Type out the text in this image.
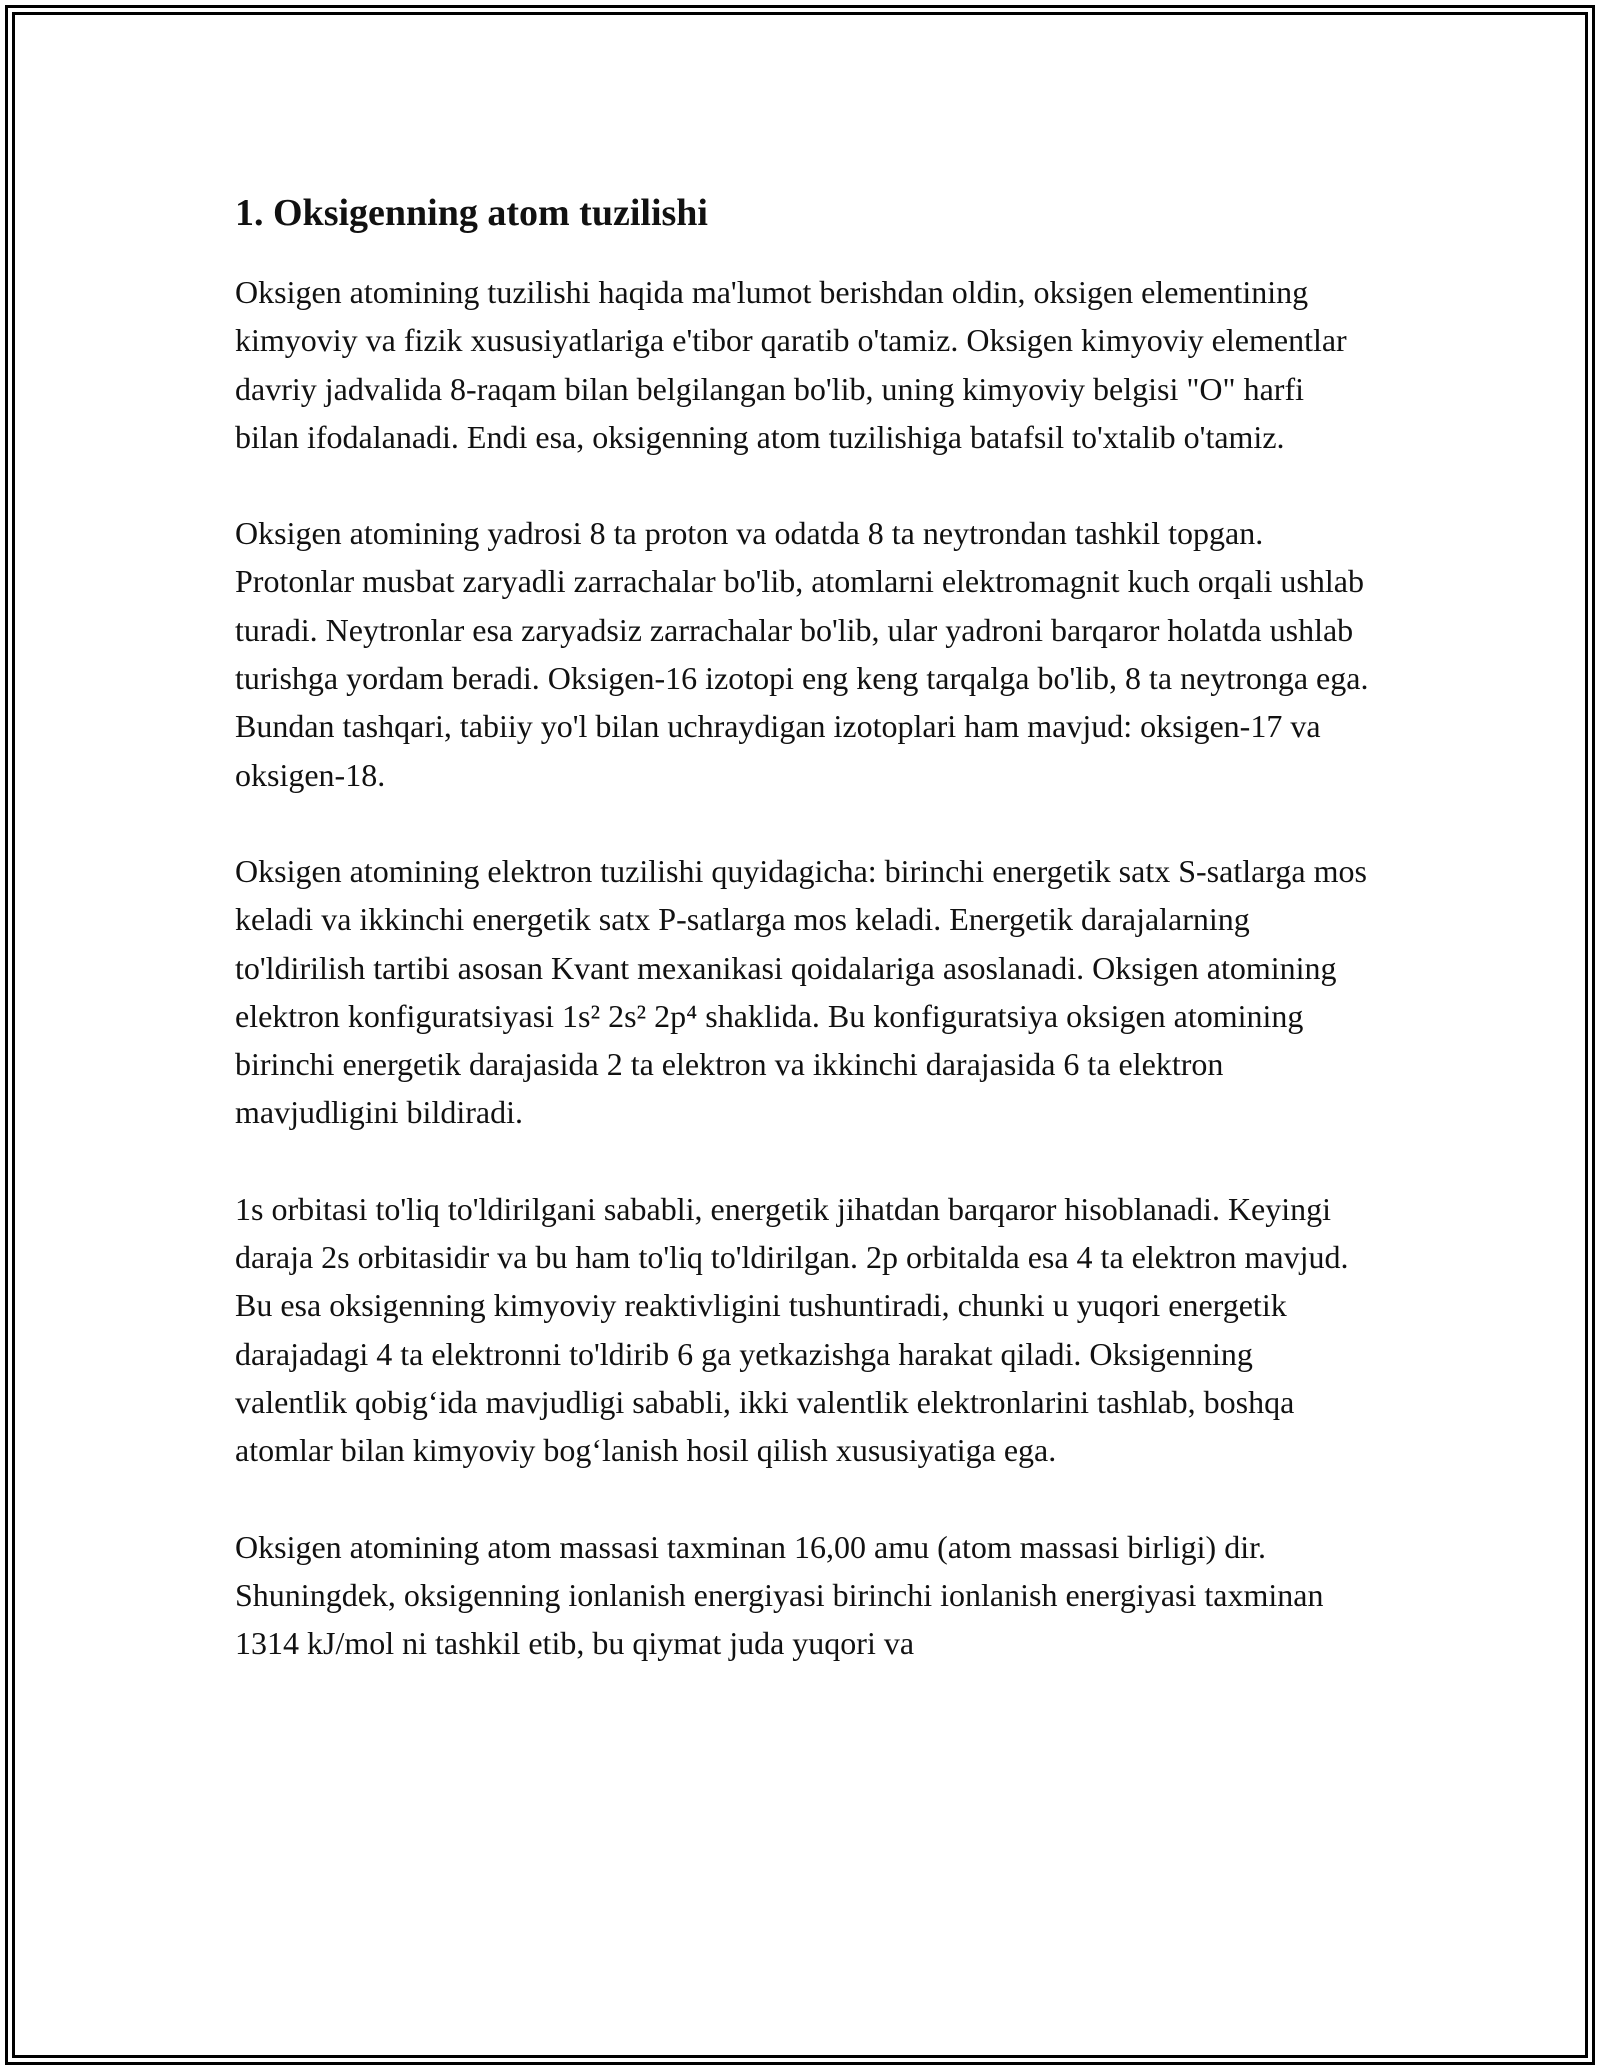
1. Oksigenning atom tuzilishi

Oksigen atomining tuzilishi haqida ma'lumot berishdan oldin, oksigen elementining kimyoviy va fizik xususiyatlariga e'tibor qaratib o'tamiz. Oksigen kimyoviy elementlar davriy jadvalida 8-raqam bilan belgilangan bo'lib, uning kimyoviy belgisi "O" harfi bilan ifodalanadi. Endi esa, oksigenning atom tuzilishiga batafsil to'xtalib o'tamiz.

Oksigen atomining yadrosi 8 ta proton va odatda 8 ta neytrondan tashkil topgan. Protonlar musbat zaryadli zarrachalar bo'lib, atomlarni elektromagnit kuch orqali ushlab turadi. Neytronlar esa zaryadsiz zarrachalar bo'lib, ular yadroni barqaror holatda ushlab turishga yordam beradi. Oksigen-16 izotopi eng keng tarqalga bo'lib, 8 ta neytronga ega. Bundan tashqari, tabiiy yo'l bilan uchraydigan izotoplari ham mavjud: oksigen-17 va oksigen-18.

Oksigen atomining elektron tuzilishi quyidagicha: birinchi energetik satx S-satlarga mos keladi va ikkinchi energetik satx P-satlarga mos keladi. Energetik darajalarning to'ldirilish tartibi asosan Kvant mexanikasi qoidalariga asoslanadi. Oksigen atomining elektron konfiguratsiyasi 1s² 2s² 2p⁴ shaklida. Bu konfiguratsiya oksigen atomining birinchi energetik darajasida 2 ta elektron va ikkinchi darajasida 6 ta elektron mavjudligini bildiradi.

1s orbitasi to'liq to'ldirilgani sababli, energetik jihatdan barqaror hisoblanadi. Keyingi daraja 2s orbitasidir va bu ham to'liq to'ldirilgan. 2p orbitalda esa 4 ta elektron mavjud. Bu esa oksigenning kimyoviy reaktivligini tushuntiradi, chunki u yuqori energetik darajadagi 4 ta elektronni to'ldirib 6 ga yetkazishga harakat qiladi. Oksigenning valentlik qobig‘ida mavjudligi sababli, ikki valentlik elektronlarini tashlab, boshqa atomlar bilan kimyoviy bog‘lanish hosil qilish xususiyatiga ega.

Oksigen atomining atom massasi taxminan 16,00 amu (atom massasi birligi) dir. Shuningdek, oksigenning ionlanish energiyasi birinchi ionlanish energiyasi taxminan 1314 kJ/mol ni tashkil etib, bu qiymat juda yuqori va
